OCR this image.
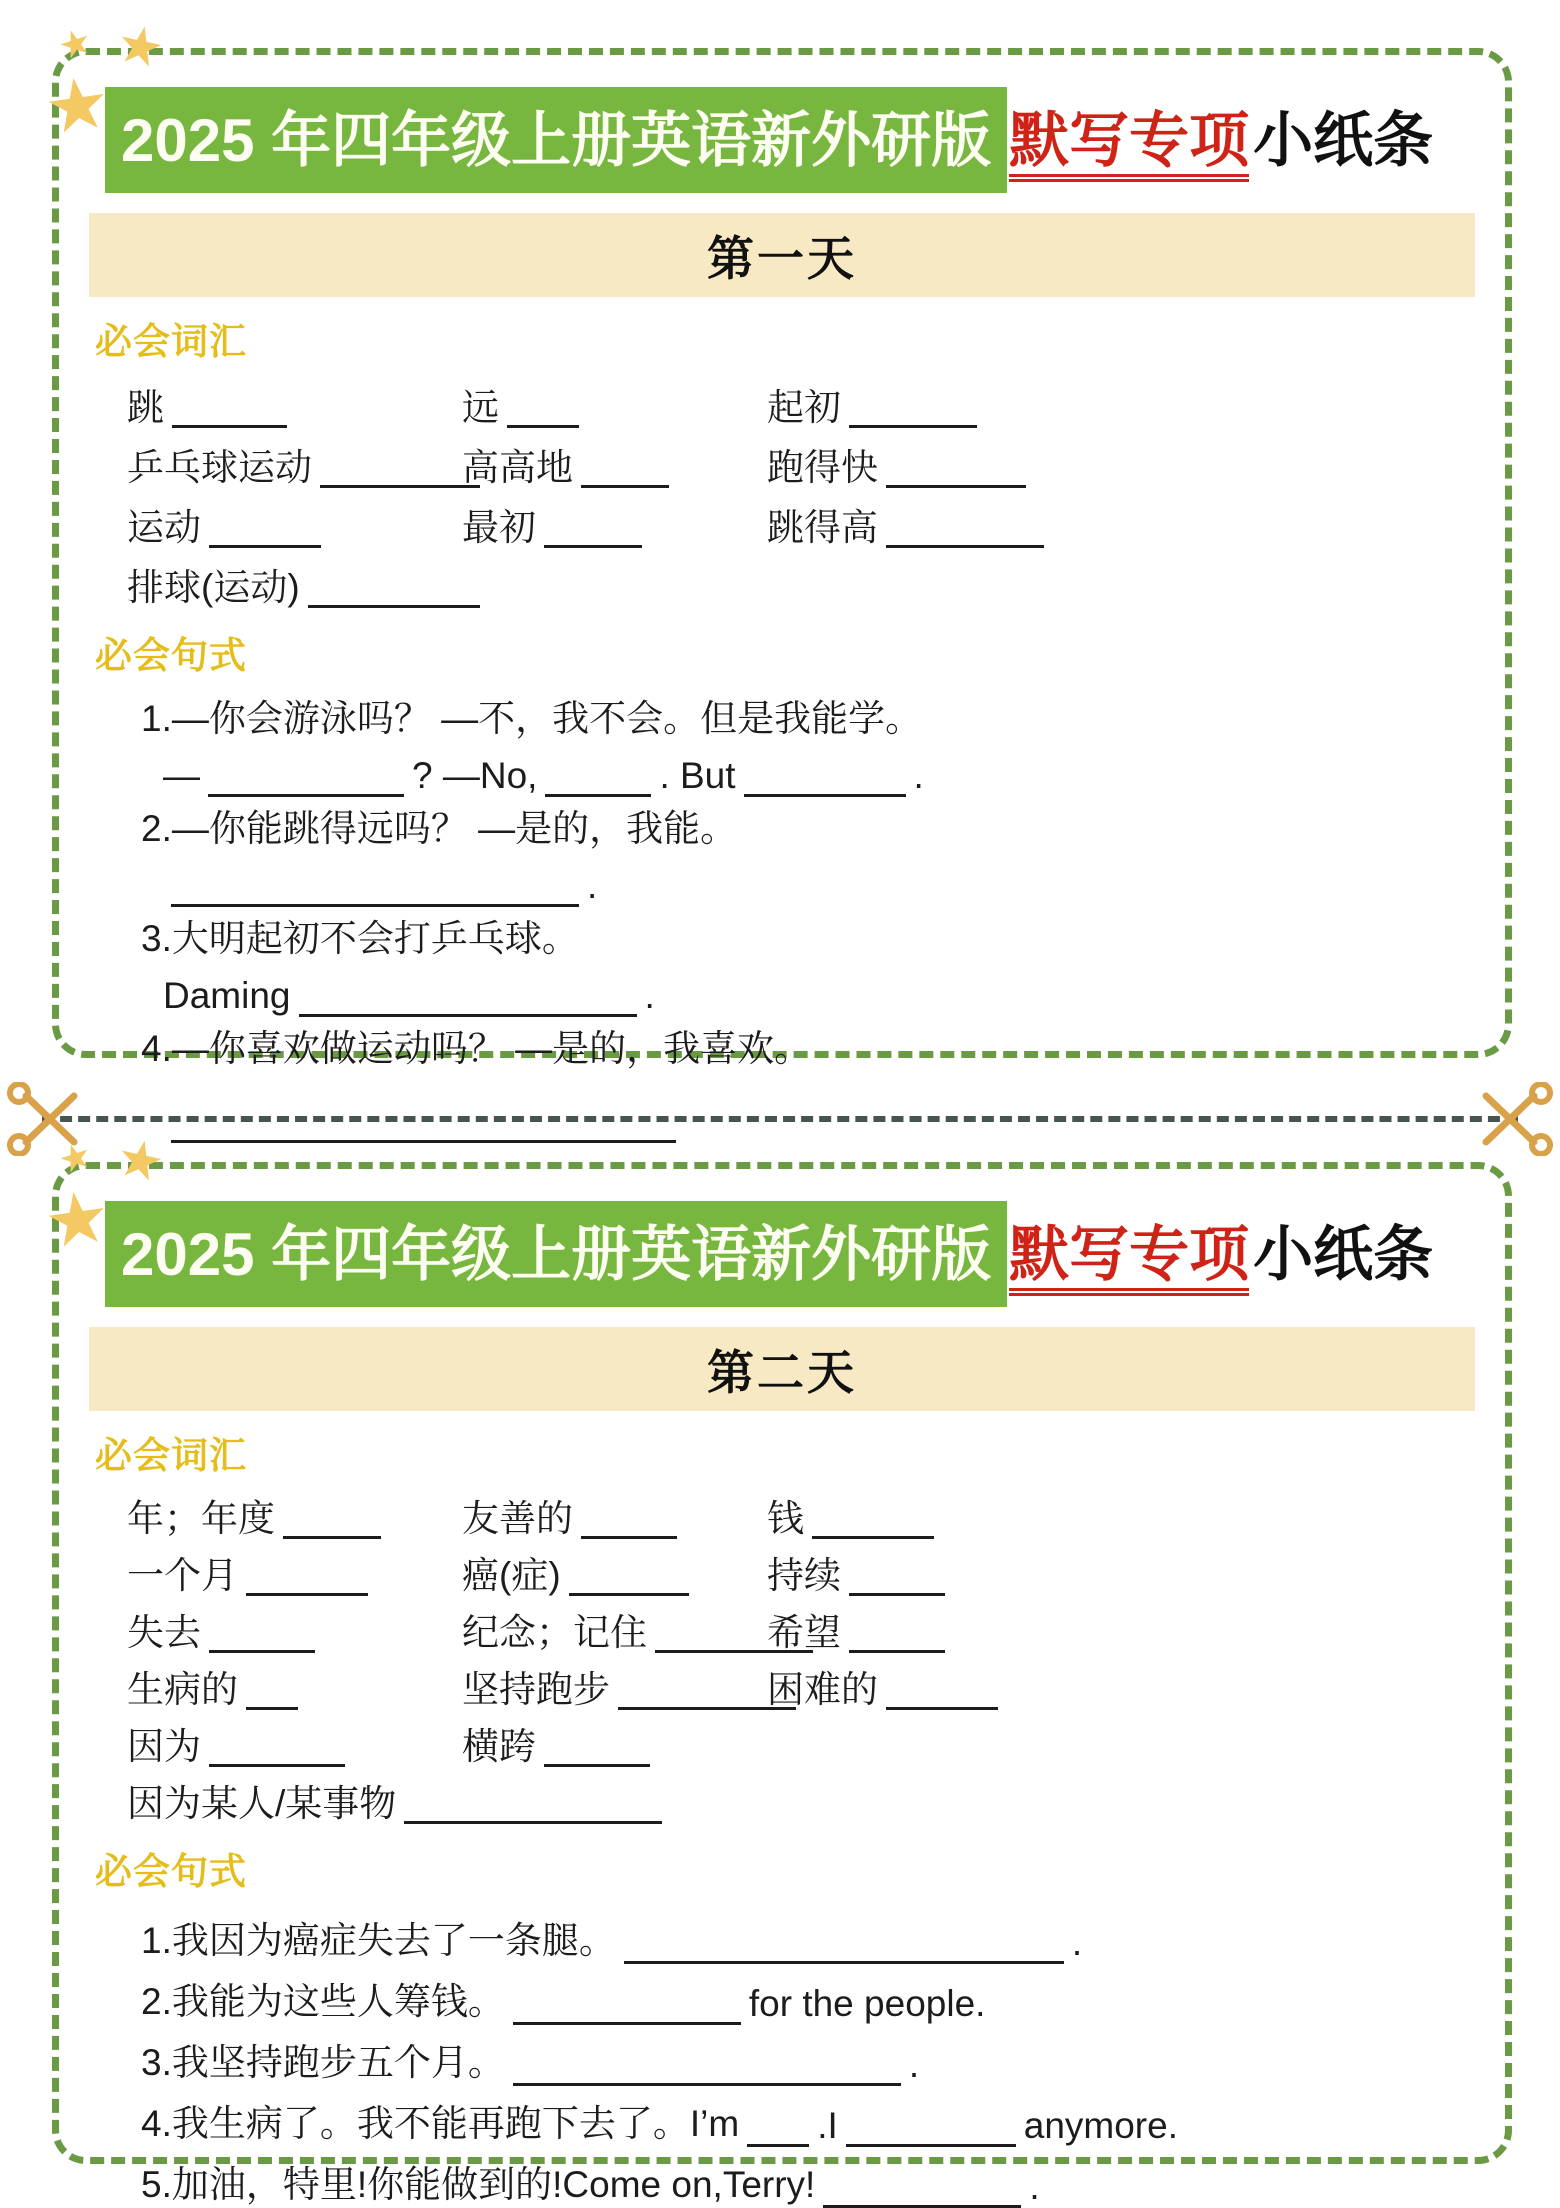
★ ★
★ 2025 年四年级上册英语新外研版 默写专项小纸条
第一天
必会词汇
跳	远	起初
乒乓球运动	高高地	跑得快
运动	最初	跳得高
排球(运动)
必会句式
1.—你会游泳吗？ —不，我不会。但是我能学。
—	? —No,	. But	.
2.—你能跳得远吗？ —是的，我能。
.
3.大明起初不会打乒乓球。
Daming	.
4.—你喜欢做运动吗？ —是的，我喜欢。
★ ★
★ 2025 年四年级上册英语新外研版 默写专项小纸条
第二天
必会词汇
年；年度	友善的	钱
一个月	癌(症)	持续
失去	纪念；记住	希望
生病的	坚持跑步	困难的
因为	横跨
因为某人/某事物
必会句式
1.我因为癌症失去了一条腿。	.
2.我能为这些人筹钱。	for the people.
3.我坚持跑步五个月。	.
4.我生病了。我不能再跑下去了。I’m .I	anymore.
5.加油，特里!你能做到的!Come on,Terry!	.
